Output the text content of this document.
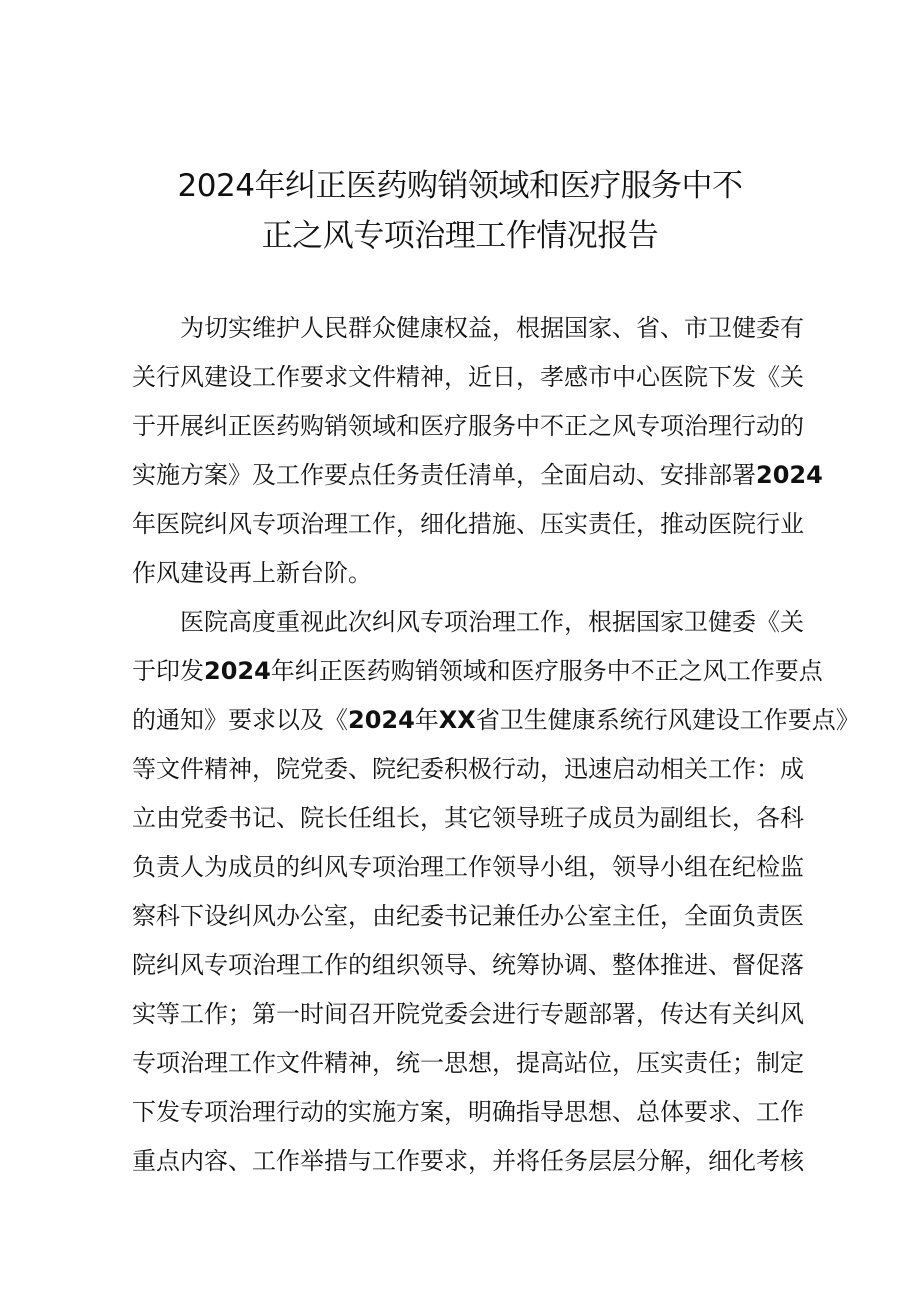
2024年纠正医药购销领域和医疗服务中不
正之风专项治理工作情况报告
为切实维护人民群众健康权益，根据国家、省、市卫健委有
关行风建设工作要求文件精神，近日，孝感市中心医院下发《关
于开展纠正医药购销领域和医疗服务中不正之风专项治理行动的
实施方案》及工作要点任务责任清单，全面启动、安排部署2024
年医院纠风专项治理工作，细化措施、压实责任，推动医院行业
作风建设再上新台阶。
医院高度重视此次纠风专项治理工作，根据国家卫健委《关
于印发2024年纠正医药购销领域和医疗服务中不正之风工作要点
的通知》要求以及《2024年XX省卫生健康系统行风建设工作要点》
等文件精神，院党委、院纪委积极行动，迅速启动相关工作：成
立由党委书记、院长任组长，其它领导班子成员为副组长，各科
负责人为成员的纠风专项治理工作领导小组，领导小组在纪检监
察科下设纠风办公室，由纪委书记兼任办公室主任，全面负责医
院纠风专项治理工作的组织领导、统筹协调、整体推进、督促落
实等工作；第一时间召开院党委会进行专题部署，传达有关纠风
专项治理工作文件精神，统一思想，提高站位，压实责任；制定
下发专项治理行动的实施方案，明确指导思想、总体要求、工作
重点内容、工作举措与工作要求，并将任务层层分解，细化考核
